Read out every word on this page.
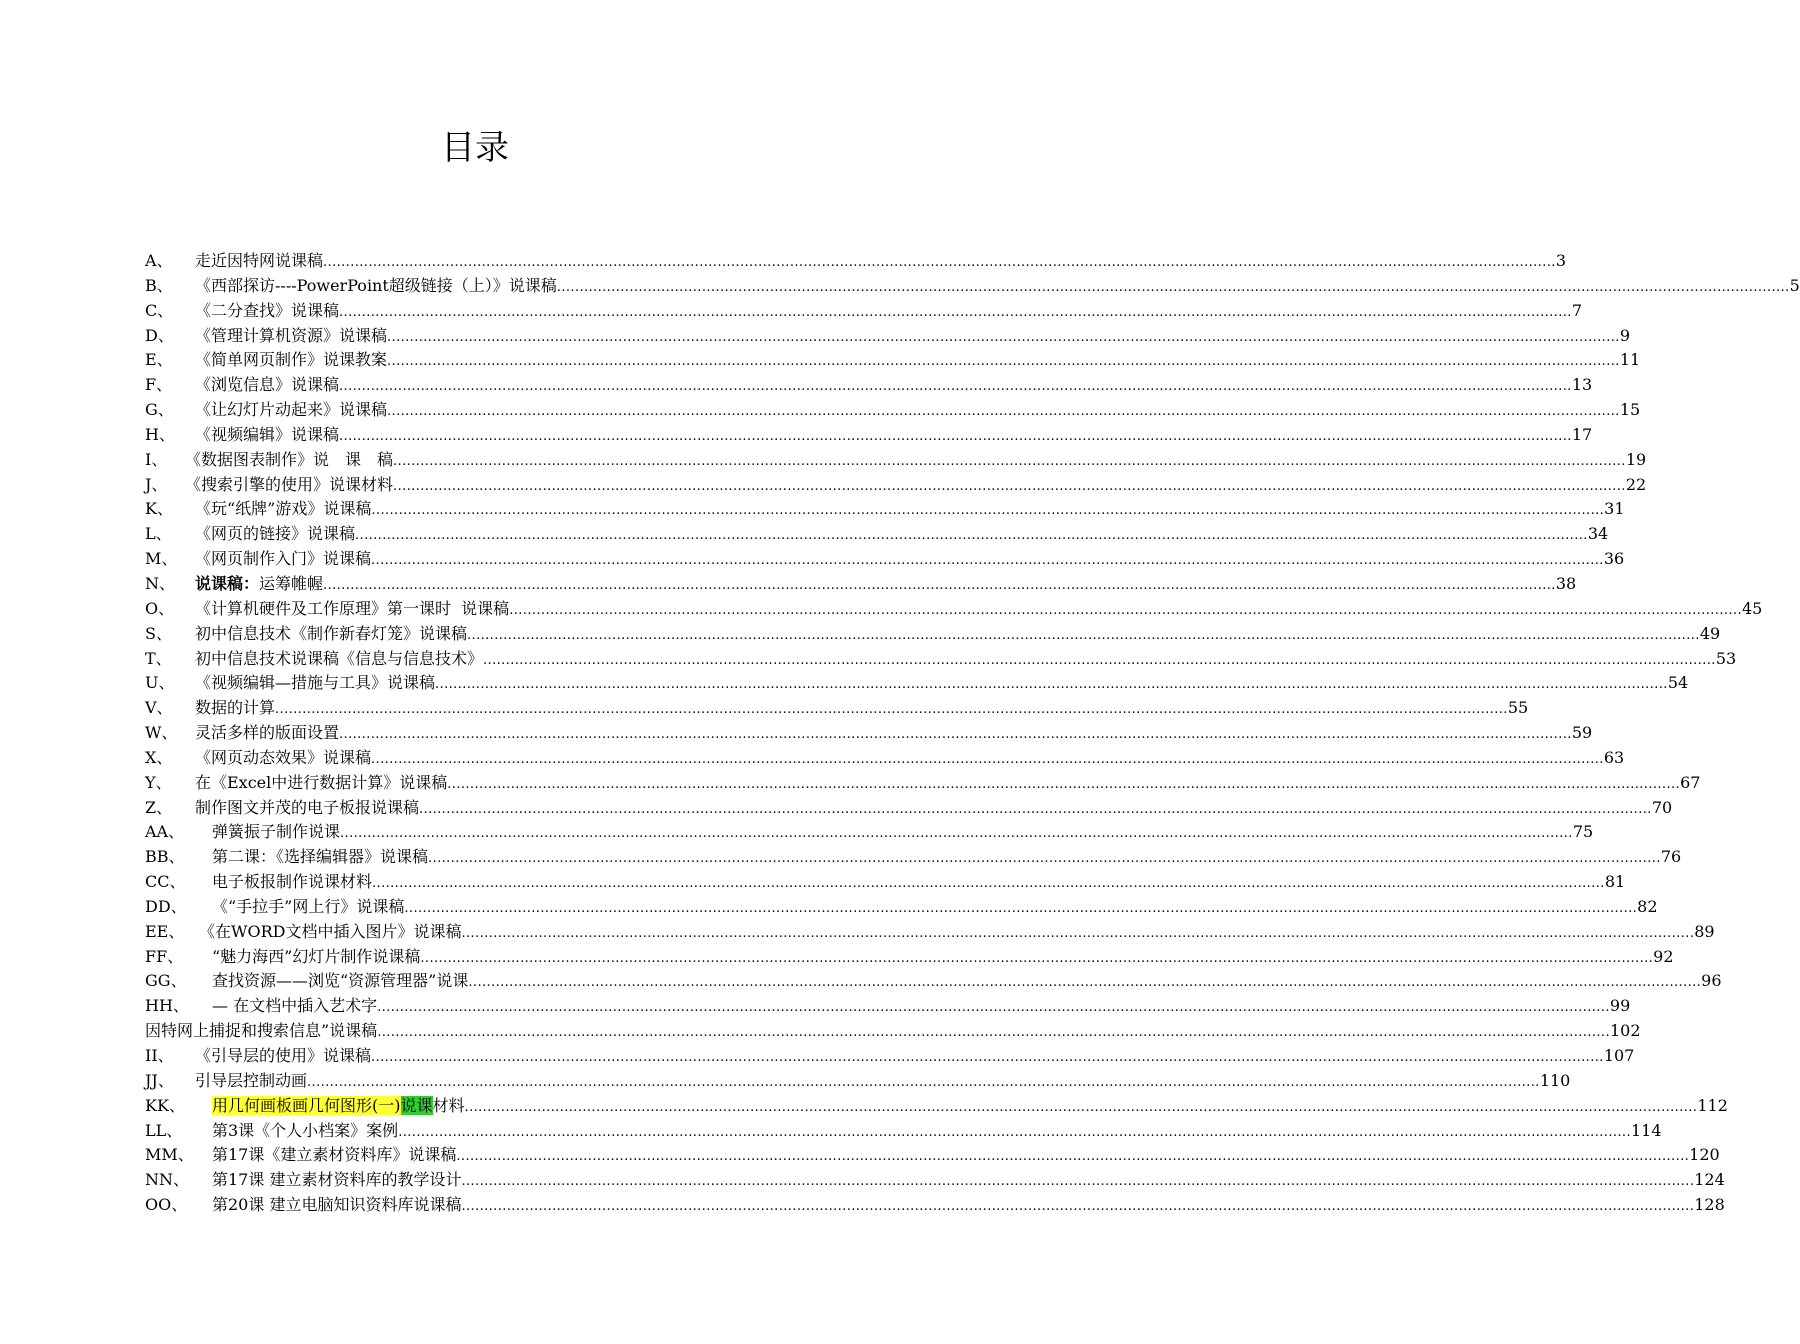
目录
A、	走近因特网说课稿 .....	3
B、	《西部探访----PowerPoint超级链接（上）》说课稿 .....	5
C、	《二分查找》说课稿 .....	7
D、	《管理计算机资源》说课稿 .....	9
E、	《简单网页制作》说课教案 .....	11
F、	《浏览信息》说课稿 .....	13
G、	《让幻灯片动起来》说课稿 .....	15
H、	《视频编辑》说课稿 .....	17
I、	《数据图表制作》说　课　稿 .....	19
J、	《搜索引擎的使用》说课材料 .....	22
K、	《玩“纸牌”游戏》说课稿 .....	31
L、	《网页的链接》说课稿 .....	34
M、	《网页制作入门》说课稿 .....	36
N、	说课稿：运筹帷幄 .....	38
O、	《计算机硬件及工作原理》第一课时  说课稿 .....	45
S、	初中信息技术《制作新春灯笼》说课稿 .....	49
T、	初中信息技术说课稿《信息与信息技术》 .....	53
U、	《视频编辑—措施与工具》说课稿 .....	54
V、	数据的计算 .....	55
W、	灵活多样的版面设置 .....	59
X、	《网页动态效果》说课稿 .....	63
Y、	在《Excel中进行数据计算》说课稿 .....	67
Z、	制作图文并茂的电子板报说课稿 .....	70
AA、	弹簧振子制作说课 .....	75
BB、	第二课：《选择编辑器》说课稿 .....	76
CC、	电子板报制作说课材料 .....	81
DD、	《“手拉手”网上行》说课稿 .....	82
EE、 《在WORD文档中插入图片》说课稿 .....	89
FF、	“魅力海西”幻灯片制作说课稿 .....	92
GG、	查找资源——浏览“资源管理器”说课 .....	96
HH、	— 在文档中插入艺术字 .....	99
因特网上捕捉和搜索信息”说课稿 .....	102
II、	《引导层的使用》说课稿 .....	107
JJ、	引导层控制动画 .....	110
KK、	用几何画板画几何图形(一)说课材料 .....	112
LL、	第3课《个人小档案》案例 .....	114
MM、	第17课《建立素材资料库》说课稿 .....	120
NN、	第17课 建立素材资料库的教学设计 .....	124
OO、	第20课 建立电脑知识资料库说课稿 .....	128
